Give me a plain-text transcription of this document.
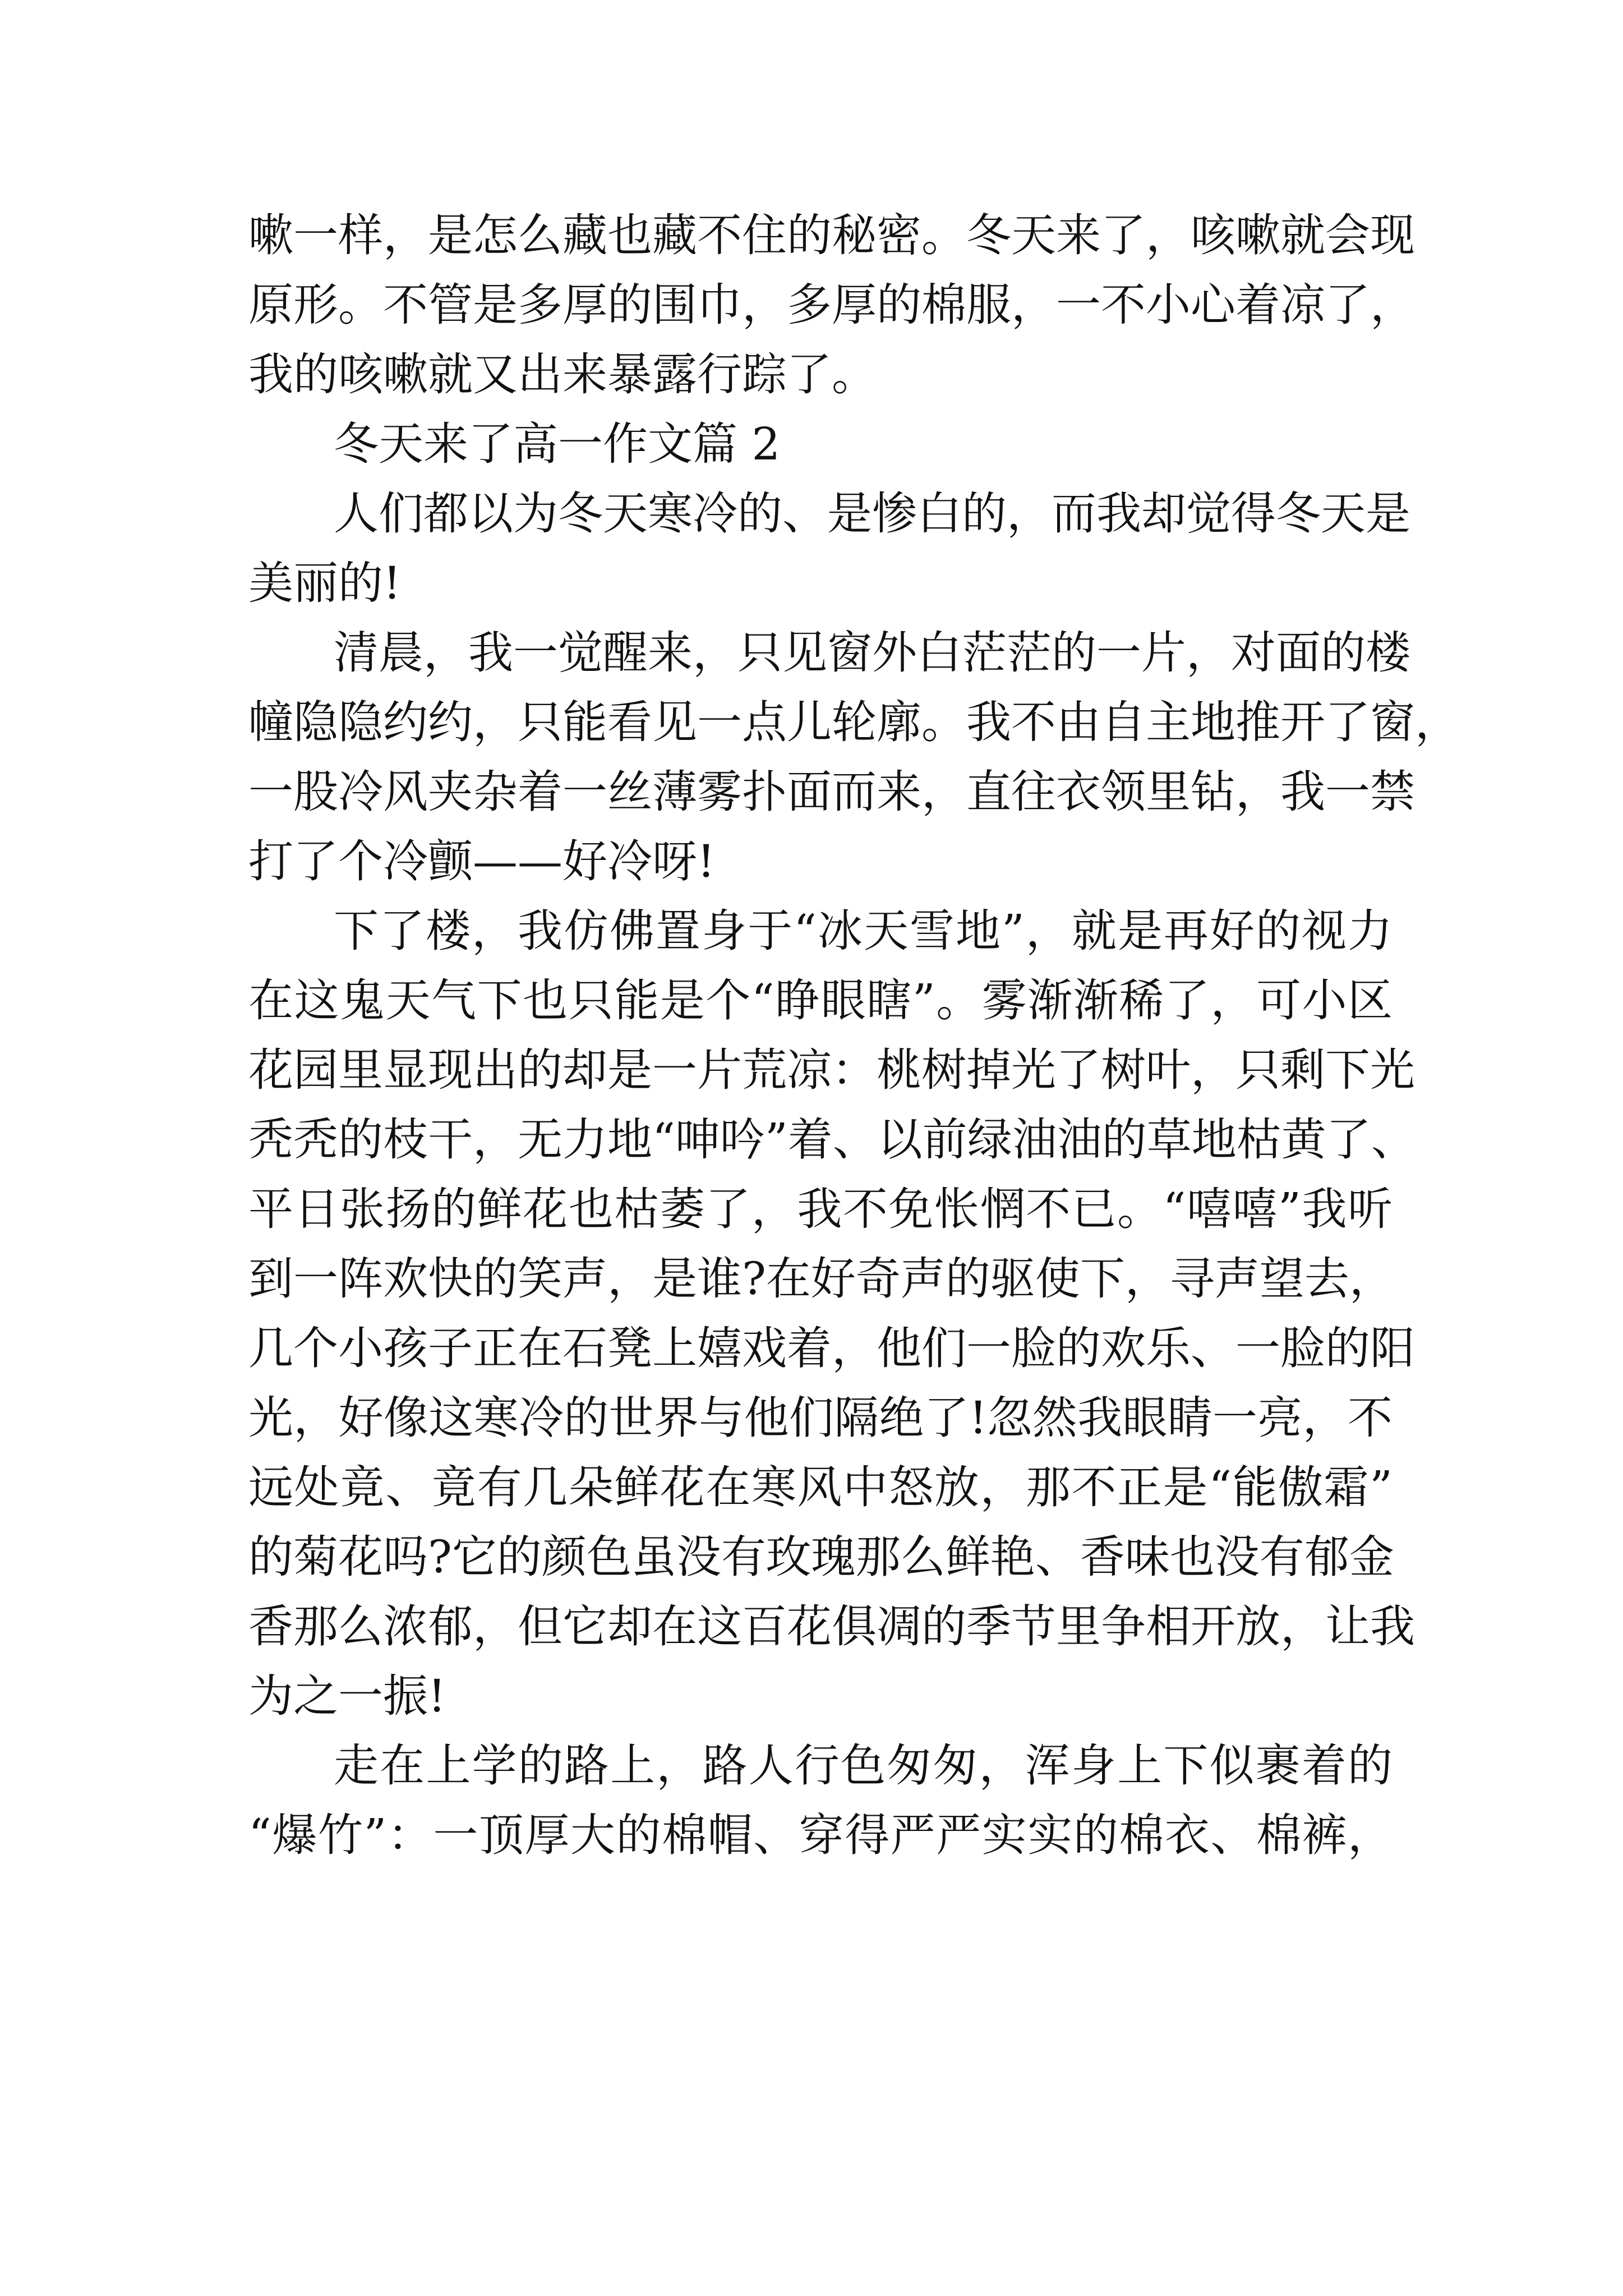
嗽一样，是怎么藏也藏不住的秘密。冬天来了，咳嗽就会现
原形。不管是多厚的围巾，多厚的棉服，一不小心着凉了，
我的咳嗽就又出来暴露行踪了。
冬天来了高一作文篇 2
人们都以为冬天寒冷的、是惨白的，而我却觉得冬天是
美丽的!
清晨，我一觉醒来，只见窗外白茫茫的一片，对面的楼
幢隐隐约约，只能看见一点儿轮廓。我不由自主地推开了窗，
一股冷风夹杂着一丝薄雾扑面而来，直往衣领里钻，我一禁
打了个冷颤——好冷呀!
下了楼，我仿佛置身于“冰天雪地”，就是再好的视力
在这鬼天气下也只能是个“睁眼瞎”。雾渐渐稀了，可小区
花园里显现出的却是一片荒凉：桃树掉光了树叶，只剩下光
秃秃的枝干，无力地“呻吟”着、以前绿油油的草地枯黄了、
平日张扬的鲜花也枯萎了，我不免怅惘不已。“嘻嘻”我听
到一阵欢快的笑声，是谁?在好奇声的驱使下，寻声望去，
几个小孩子正在石凳上嬉戏着，他们一脸的欢乐、一脸的阳
光，好像这寒冷的世界与他们隔绝了!忽然我眼睛一亮，不
远处竟、竟有几朵鲜花在寒风中怒放，那不正是“能傲霜”
的菊花吗?它的颜色虽没有玫瑰那么鲜艳、香味也没有郁金
香那么浓郁，但它却在这百花俱凋的季节里争相开放，让我
为之一振!
走在上学的路上，路人行色匆匆，浑身上下似裹着的
“爆竹”：一顶厚大的棉帽、穿得严严实实的棉衣、棉裤，
